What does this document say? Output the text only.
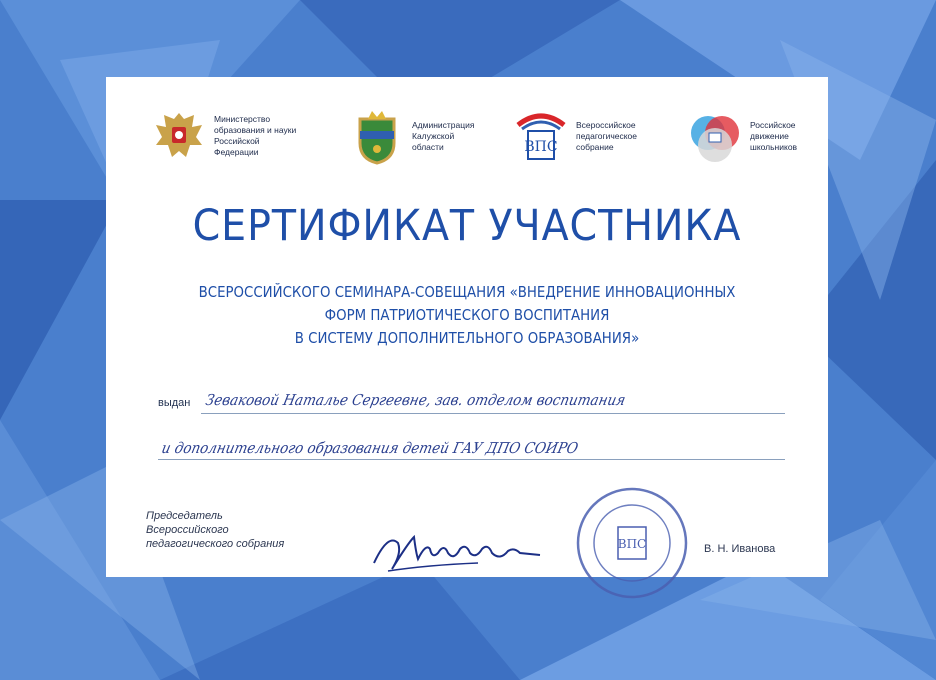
Министерство
образования и науки
Российской Федерации
Администрация
Калужской
области	ВПС
Всероссийское
педагогическое
собрание
Российское
движение
школьников
СЕРТИФИКАТ УЧАСТНИКА
ВСЕРОССИЙСКОГО СЕМИНАРА-СОВЕЩАНИЯ «ВНЕДРЕНИЕ ИННОВАЦИОННЫХ
ФОРМ ПАТРИОТИЧЕСКОГО ВОСПИТАНИЯ
В СИСТЕМУ ДОПОЛНИТЕЛЬНОГО ОБРАЗОВАНИЯ»
выдан Зеваковой Наталье Сергеевне, зав. отделом воспитания
и дополнительного образования детей ГАУ ДПО СОИРО
Председатель
Всероссийского
педагогического собрания	ВПС	В. Н. Иванова
